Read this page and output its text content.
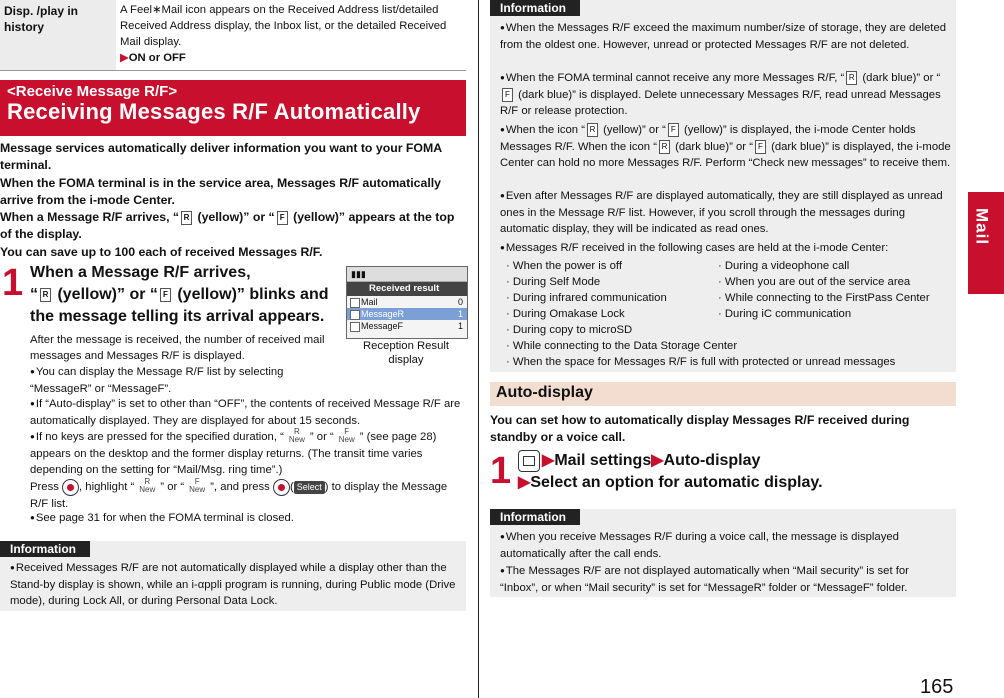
Disp. /play in history
A Feel∗Mail icon appears on the Received Address list/detailed Received Address display, the Inbox list, or the detailed Received Mail display.
▶ON or OFF
<Receive Message R/F>
Receiving Messages R/F Automatically
Message services automatically deliver information you want to your FOMA terminal.
When the FOMA terminal is in the service area, Messages R/F automatically arrive from the i-mode Center.
When a Message R/F arrives, “ R (yellow)” or “ F (yellow)” appears at the top of the display.
You can save up to 100 each of received Messages R/F.
1 When a Message R/F arrives,
“ R (yellow)” or “ F (yellow)” blinks and
the message telling its arrival appears.
After the message is received, the number of received mail messages and Messages R/F is displayed.
● You can display the Message R/F list by selecting “MessageR” or “MessageF”.
● If “Auto-display” is set to other than “OFF”, the contents of received Message R/F are automatically displayed. They are displayed for about 15 seconds.
● If no keys are pressed for the specified duration, “ R
New ” or “ F
New ” (see page 28) appears on the desktop and the former display returns. (The transit time varies depending on the setting for “Mail/Msg. ring time”.)
Press , highlight “ R
New ” or “ F
New ”, and press ( Select ) to display the Message R/F list.
● See page 31 for when the FOMA terminal is closed.
▮▮▮
Received result
Mail	0
MessageR	1
MessageF	1
Reception Result display
Information
● Received Messages R/F are not automatically displayed while a display other than the Stand-by display is shown, while an i-αppli program is running, during Public mode (Drive mode), during Lock All, or during Personal Data Lock.
Information
● When the Messages R/F exceed the maximum number/size of storage, they are deleted from the oldest one. However, unread or protected Messages R/F are not deleted.
● When the FOMA terminal cannot receive any more Messages R/F, “ R (dark blue)” or “F (dark blue)” is displayed. Delete unnecessary Messages R/F, read unread Messages R/F or release protection.
● When the icon “ R (yellow)” or “ F (yellow)” is displayed, the i-mode Center holds Messages R/F. When the icon “ R (dark blue)” or “ F (dark blue)” is displayed, the i-mode Center can hold no more Messages R/F. Perform “Check new messages” to receive them.
● Even after Messages R/F are displayed automatically, they are still displayed as unread ones in the Message R/F list. However, if you scroll through the messages during automatic display, they will be indicated as read ones.
● Messages R/F received in the following cases are held at the i-mode Center:
· When the power is off
· During Self Mode
· During infrared communication
· During Omakase Lock
· During copy to microSD
· While connecting to the Data Storage Center
· When the space for Messages R/F is full with protected or unread messages
· During a videophone call
· When you are out of the service area
· While connecting to the FirstPass Center
· During iC communication
Auto-display
You can set how to automatically display Messages R/F received during standby or a voice call.
1	▶Mail settings▶Auto-display
▶Select an option for automatic display.
Information
● When you receive Messages R/F during a voice call, the message is displayed automatically after the call ends.
● The Messages R/F are not displayed automatically when “Mail security” is set for “Inbox”, or when “Mail security” is set for “MessageR” folder or “MessageF” folder.
Mail
165
